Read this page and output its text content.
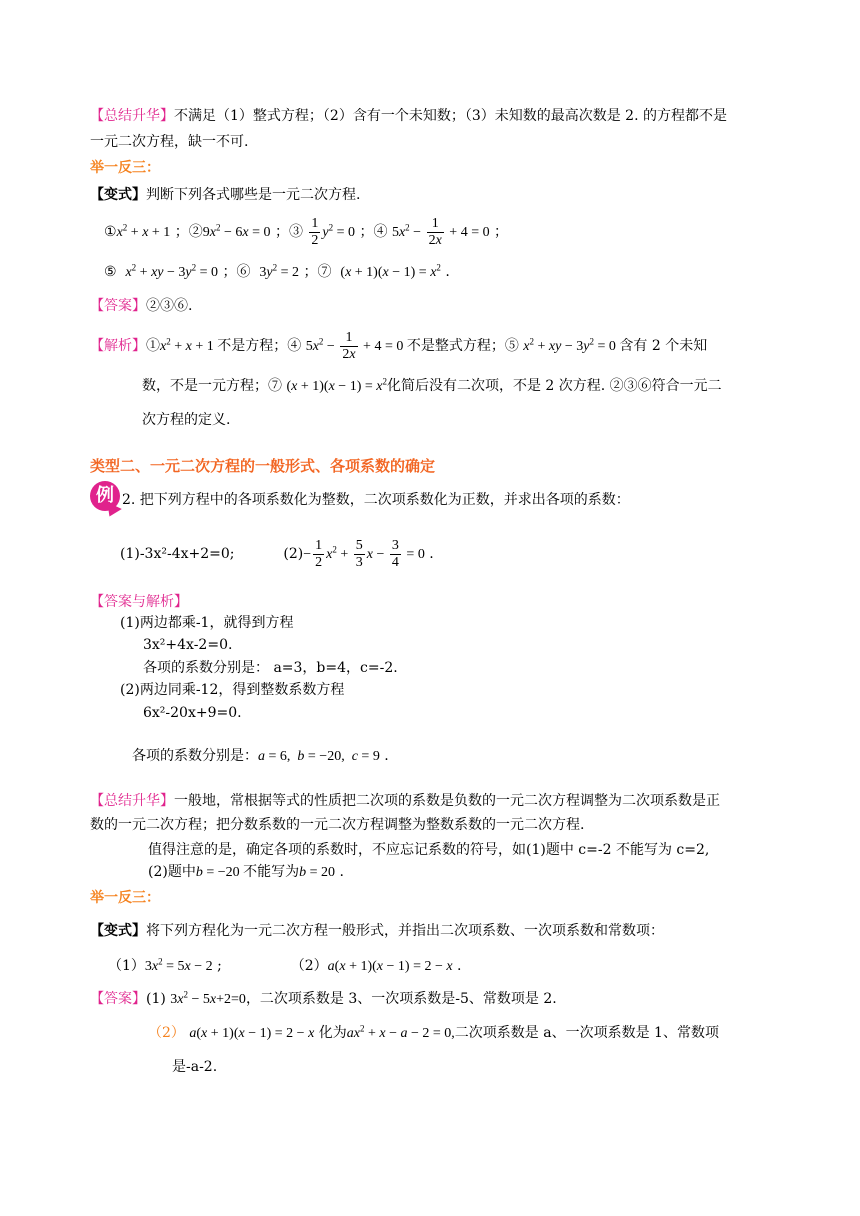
【总结升华】不满足（1）整式方程；（2）含有一个未知数；（3）未知数的最高次数是 2. 的方程都不是
一元二次方程，缺一不可.
举一反三：
【变式】判断下列各式哪些是一元二次方程.
$①x^2 + x + 1$ ；$②9x^2 - 6x = 0$ ；③ $\frac{1}{2} y^2 = 0$ ；④ $5x^2 - \frac{1}{2x} + 4 = 0$ ；
⑤  $x^2$ + xy − $3y^2 = 0$ ；⑥  $3y^2 = 2$ ；⑦  $(x + 1)(x - 1) = x^2$ .
【答案】②③⑥.
【解析】$①x^2 + x + 1$ 不是方程；④ $5x^2 - \frac{1}{2x} + 4 = 0$ 不是整式方程；⑤ $x^2$ + xy − $3y^2 = 0$ 含有 2 个未知
数，不是一元方程；⑦ $(x + 1)(x - 1) = x^2$化简后没有二次项，不是 2 次方程. ②③⑥符合一元二
次方程的定义.
类型二、一元二次方程的一般形式、各项系数的确定
例 2. 把下列方程中的各项系数化为整数，二次项系数化为正数，并求出各项的系数：
(1)-3x²-4x+2=0;	$(2)- \frac{1}{2} x^2 + \frac{5}{3}$ $x - \frac{3}{4} = 0$ .
【答案与解析】
(1)两边都乘-1，就得到方程
3x²+4x-2=0.
各项的系数分别是： a=3，b=4，c=-2.
(2)两边同乘-12，得到整数系数方程
6x²-20x+9=0.
各项的系数分别是：a = 6,  b = −20,  c = 9 .
【总结升华】一般地，常根据等式的性质把二次项的系数是负数的一元二次方程调整为二次项系数是正
数的一元二次方程；把分数系数的一元二次方程调整为整数系数的一元二次方程.
值得注意的是，确定各项的系数时，不应忘记系数的符号，如(1)题中 c=-2 不能写为 c=2,
(2)题中b = −20 不能写为b = 20 .
举一反三：
【变式】将下列方程化为一元二次方程一般形式，并指出二次项系数、一次项系数和常数项：
$(1)3x^2 = 5x - 2$ ;	（2）a(x + 1)(x − 1) = 2 − x .
【答案】(1) $3x^2 - 5x+2=0$，二次项系数是 3、一次项系数是-5、常数项是 2.
（2） a(x + 1)(x − 1) = 2 − x 化为$ax^2 + x - a - 2 = 0$,二次项系数是 a、一次项系数是 1、常数项
是-a-2.
